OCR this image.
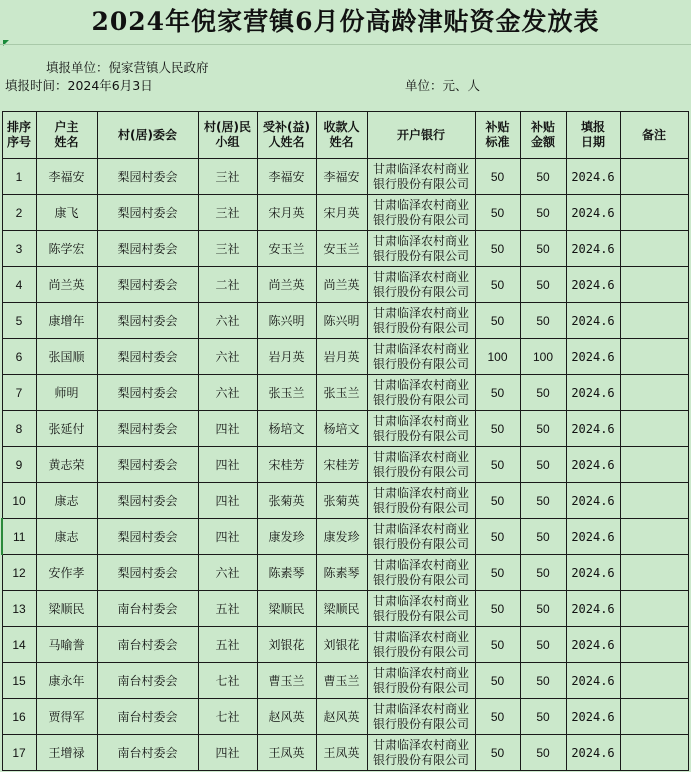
2024年倪家营镇6月份高龄津贴资金发放表
填报单位：倪家营镇人民政府
填报时间：2024年6月3日	单位：元、人
排序序号	户主姓名	村(居)委会	村(居)民小组	受补(益)人姓名	收款人姓名	开户银行	补贴标准	补贴金额	填报日期	备注
1	李福安	梨园村委会	三社	李福安	李福安	甘肃临泽农村商业银行股份有限公司	50	50	2024.6	
2	康飞	梨园村委会	三社	宋月英	宋月英	甘肃临泽农村商业银行股份有限公司	50	50	2024.6	
3	陈学宏	梨园村委会	三社	安玉兰	安玉兰	甘肃临泽农村商业银行股份有限公司	50	50	2024.6	
4	尚兰英	梨园村委会	二社	尚兰英	尚兰英	甘肃临泽农村商业银行股份有限公司	50	50	2024.6	
5	康增年	梨园村委会	六社	陈兴明	陈兴明	甘肃临泽农村商业银行股份有限公司	50	50	2024.6	
6	张国顺	梨园村委会	六社	岩月英	岩月英	甘肃临泽农村商业银行股份有限公司	100	100	2024.6	
7	师明	梨园村委会	六社	张玉兰	张玉兰	甘肃临泽农村商业银行股份有限公司	50	50	2024.6	
8	张延付	梨园村委会	四社	杨培文	杨培文	甘肃临泽农村商业银行股份有限公司	50	50	2024.6	
9	黄志荣	梨园村委会	四社	宋桂芳	宋桂芳	甘肃临泽农村商业银行股份有限公司	50	50	2024.6	
10	康志	梨园村委会	四社	张菊英	张菊英	甘肃临泽农村商业银行股份有限公司	50	50	2024.6	
11	康志	梨园村委会	四社	康发珍	康发珍	甘肃临泽农村商业银行股份有限公司	50	50	2024.6	
12	安作孝	梨园村委会	六社	陈素琴	陈素琴	甘肃临泽农村商业银行股份有限公司	50	50	2024.6	
13	梁顺民	南台村委会	五社	梁顺民	梁顺民	甘肃临泽农村商业银行股份有限公司	50	50	2024.6	
14	马喻誊	南台村委会	五社	刘银花	刘银花	甘肃临泽农村商业银行股份有限公司	50	50	2024.6	
15	康永年	南台村委会	七社	曹玉兰	曹玉兰	甘肃临泽农村商业银行股份有限公司	50	50	2024.6	
16	贾得军	南台村委会	七社	赵风英	赵风英	甘肃临泽农村商业银行股份有限公司	50	50	2024.6	
17	王增禄	南台村委会	四社	王凤英	王凤英	甘肃临泽农村商业银行股份有限公司	50	50	2024.6	
